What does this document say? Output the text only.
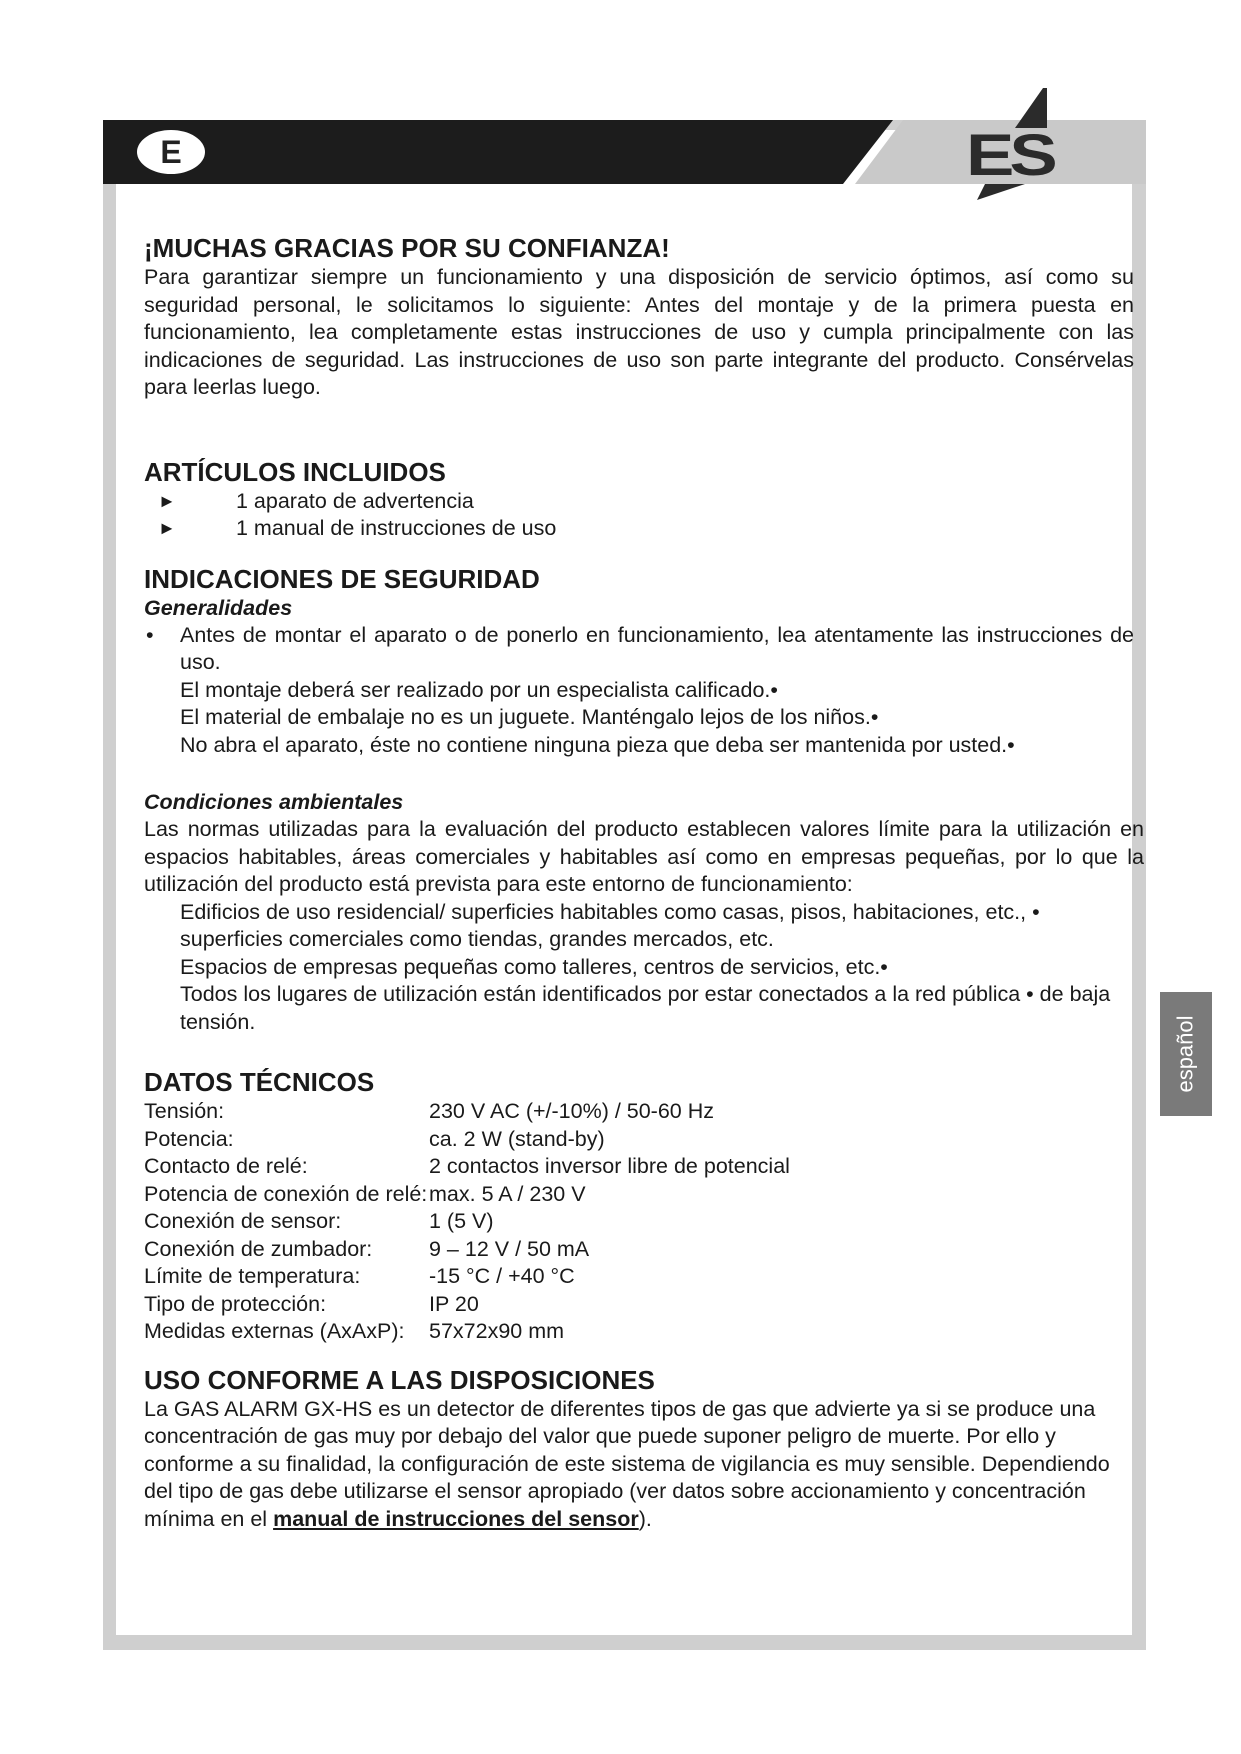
E	ES
español
¡MUCHAS GRACIAS POR SU CONFIANZA!

Para garantizar siempre un funcionamiento y una disposición de servicio óptimos, así como su seguridad personal, le solicitamos lo siguiente: Antes del montaje y de la primera puesta en funcionamiento, lea completamente estas instrucciones de uso y cumpla principalmente con las indicaciones de seguridad. Las instrucciones de uso son parte integrante del producto. Consérvelas para leerlas luego.

ARTÍCULOS INCLUIDOS
►	1 aparato de advertencia
►	1 manual de instrucciones de uso
INDICACIONES DE SEGURIDAD

Generalidades

• Antes de montar el aparato o de ponerlo en funcionamiento, lea atentamente las instrucciones de uso.
El montaje deberá ser realizado por un especialista calificado.•
El material de embalaje no es un juguete. Manténgalo lejos de los niños.•
No abra el aparato, éste no contiene ninguna pieza que deba ser mantenida por usted.•

Condiciones ambientales

Las normas utilizadas para la evaluación del producto establecen valores límite para la utilización en espacios habitables, áreas comerciales y habitables así como en empresas pequeñas, por lo que la utilización del producto está prevista para este entorno de funcionamiento:

Edificios de uso residencial/ superficies habitables como casas, pisos, habitaciones, etc., • superficies comerciales como tiendas, grandes mercados, etc.

Espacios de empresas pequeñas como talleres, centros de servicios, etc.•

Todos los lugares de utilización están identificados por estar conectados a la red pública • de baja tensión.

DATOS TÉCNICOS
Tensión:	230 V AC (+/-10%) / 50-60 Hz
Potencia:	ca. 2 W (stand-by)
Contacto de relé:	2 contactos inversor libre de potencial
Potencia de conexión de relé: max. 5 A / 230 V
Conexión de sensor:	1 (5 V)
Conexión de zumbador:	9 – 12 V / 50 mA
Límite de temperatura:	-15 °C / +40 °C
Tipo de protección:	IP 20
Medidas externas (AxAxP):	57x72x90 mm
USO CONFORME A LAS DISPOSICIONES

La GAS ALARM GX-HS es un detector de diferentes tipos de gas que advierte ya si se produce una concentración de gas muy por debajo del valor que puede suponer peligro de muerte. Por ello y conforme a su finalidad, la configuración de este sistema de vigilancia es muy sensible. Dependiendo del tipo de gas debe utilizarse el sensor apropiado (ver datos sobre accionamiento y concentración mínima en el manual de instrucciones del sensor).
